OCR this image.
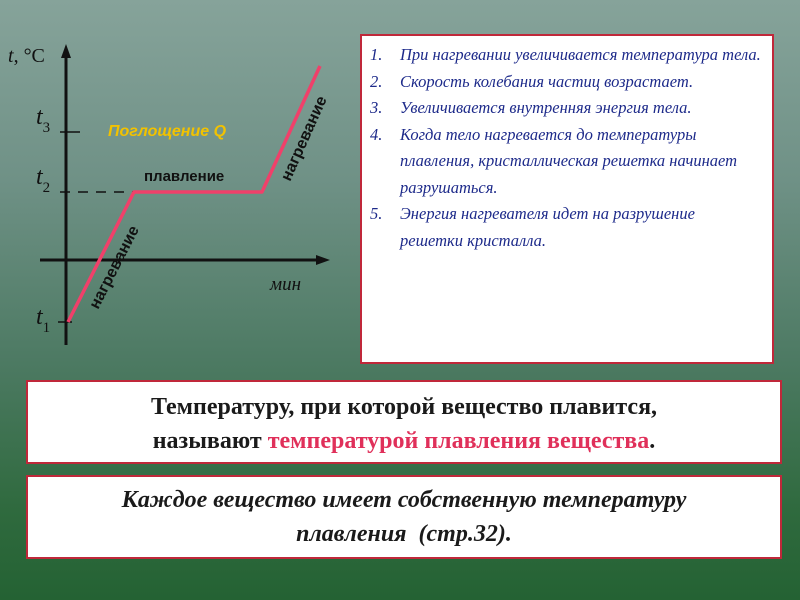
t, °C
мин
$t_3$
$t_2$
$t_1$
Поглощение Q
плавление
нагревание
нагревание
1. При нагревании увеличивается температура тела.
2. Скорость колебания частиц возрастает.
3. Увеличивается внутренняя энергия тела.
4. Когда тело нагревается до температуры плавления, кристаллическая решетка начинает разрушаться.
5. Энергия нагревателя идет на разрушение решетки кристалла.

Температуру, при которой вещество плавится,

называют температурой плавления вещества.

Каждое вещество имеет собственную температуру

плавления  (стр.32).
